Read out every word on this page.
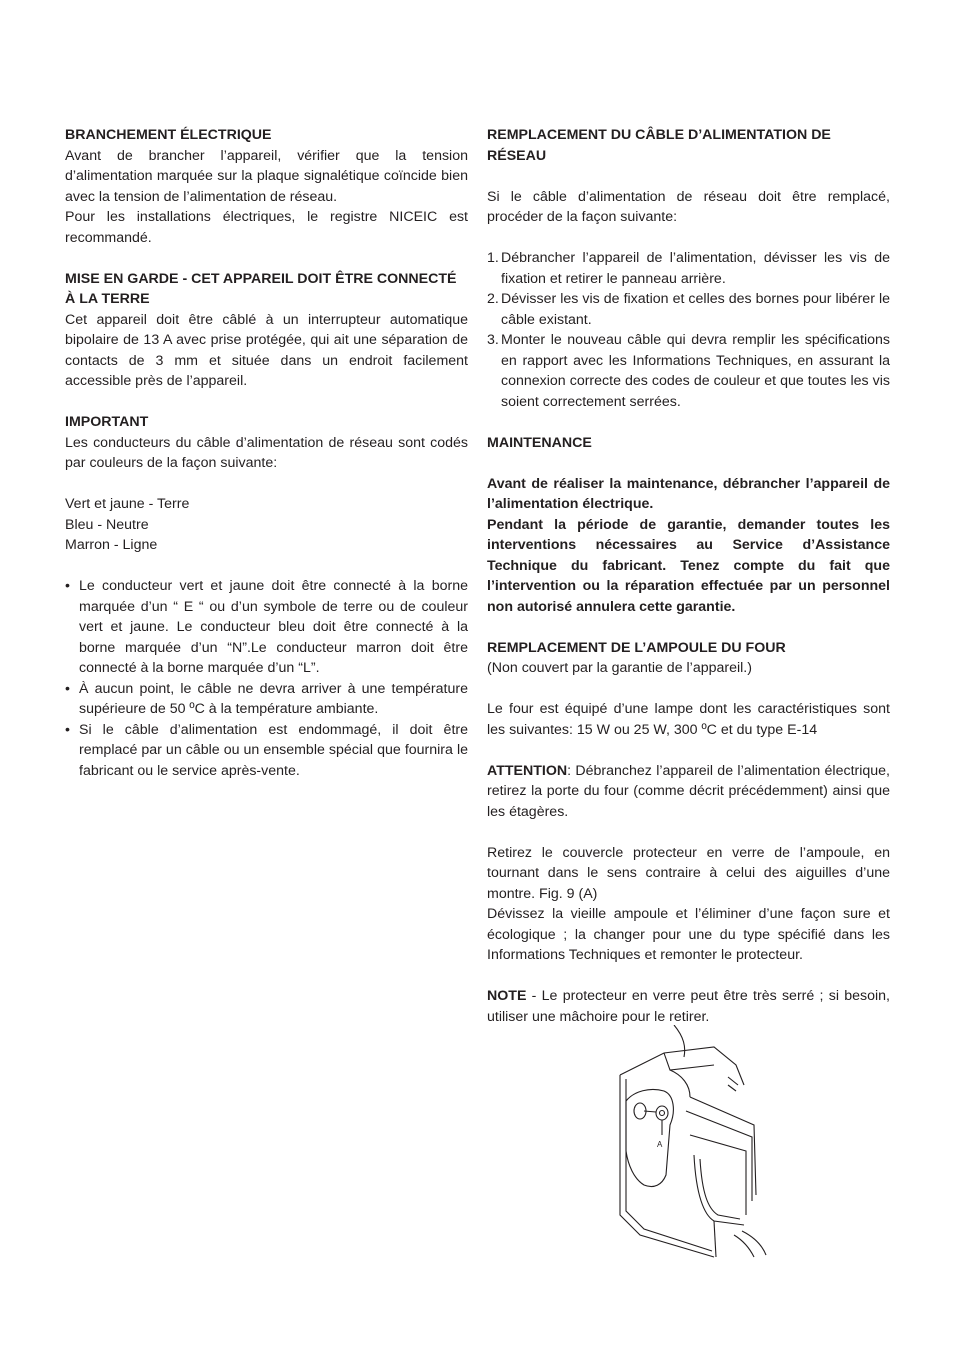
BRANCHEMENT ÉLECTRIQUE

Avant de brancher l’appareil, vérifier que la tension d’alimentation marquée sur la plaque signalétique coïncide bien avec la tension de l’alimentation de réseau.

Pour les installations électriques, le registre NICEIC est recommandé.

MISE EN GARDE - CET APPAREIL DOIT ÊTRE CONNECTÉ À LA TERRE

Cet appareil doit être câblé à un interrupteur automatique bipolaire de 13 A avec prise protégée, qui ait une séparation de contacts de 3 mm et située dans un endroit facilement accessible près de l’appareil.

IMPORTANT

Les conducteurs du câble d’alimentation de réseau sont codés par couleurs de la façon suivante:

Vert et jaune - Terre
Bleu - Neutre
Marron - Ligne
• Le conducteur vert et jaune doit être connecté à la borne marquée d’un “ E “ ou d’un symbole de terre ou de couleur vert et jaune. Le conducteur bleu doit être connecté à la borne marquée d’un “N”.Le conducteur marron doit être connecté à la borne marquée d’un “L”.
• À aucun point, le câble ne devra arriver à une température supérieure de 50 ºC à la température ambiante.
• Si le câble d’alimentation est endommagé, il doit être remplacé par un câble ou un ensemble spécial que fournira le fabricant ou le service après-vente.
REMPLACEMENT DU CÂBLE D’ALIMENTATION DE RÉSEAU

Si le câble d’alimentation de réseau doit être remplacé, procéder de la façon suivante:

1. Débrancher l’appareil de l’alimentation, dévisser les vis de fixation et retirer le panneau arrière.
2. Dévisser les vis de fixation et celles des bornes pour libérer le câble existant.
3. Monter le nouveau câble qui devra remplir les spécifications en rapport avec les Informations Techniques, en assurant la connexion correcte des codes de couleur et que toutes les vis soient correctement serrées.
MAINTENANCE

Avant de réaliser la maintenance, débrancher l’appareil de l’alimentation électrique.

Pendant la période de garantie, demander toutes les interventions nécessaires au Service d’Assistance Technique du fabricant. Tenez compte du fait que l’intervention ou la réparation effectuée par un personnel non autorisé annulera cette garantie.

REMPLACEMENT DE L’AMPOULE DU FOUR
(Non couvert par la garantie de l’appareil.)

Le four est équipé d’une lampe dont les caractéristiques sont les suivantes: 15 W ou 25 W, 300 ºC et du type E-14

ATTENTION: Débranchez l’appareil de l’alimentation électrique, retirez la porte du four (comme décrit précédemment) ainsi que les étagères.

Retirez le couvercle protecteur en verre de l’ampoule, en tournant dans le sens contraire à celui des aiguilles d’une montre. Fig. 9 (A)

Dévissez la vieille ampoule et l’éliminer d’une façon sure et écologique ; la changer pour une du type spécifié dans les Informations Techniques et remonter le protecteur.

NOTE - Le protecteur en verre peut être très serré ; si besoin, utiliser une mâchoire pour le retirer.

A
